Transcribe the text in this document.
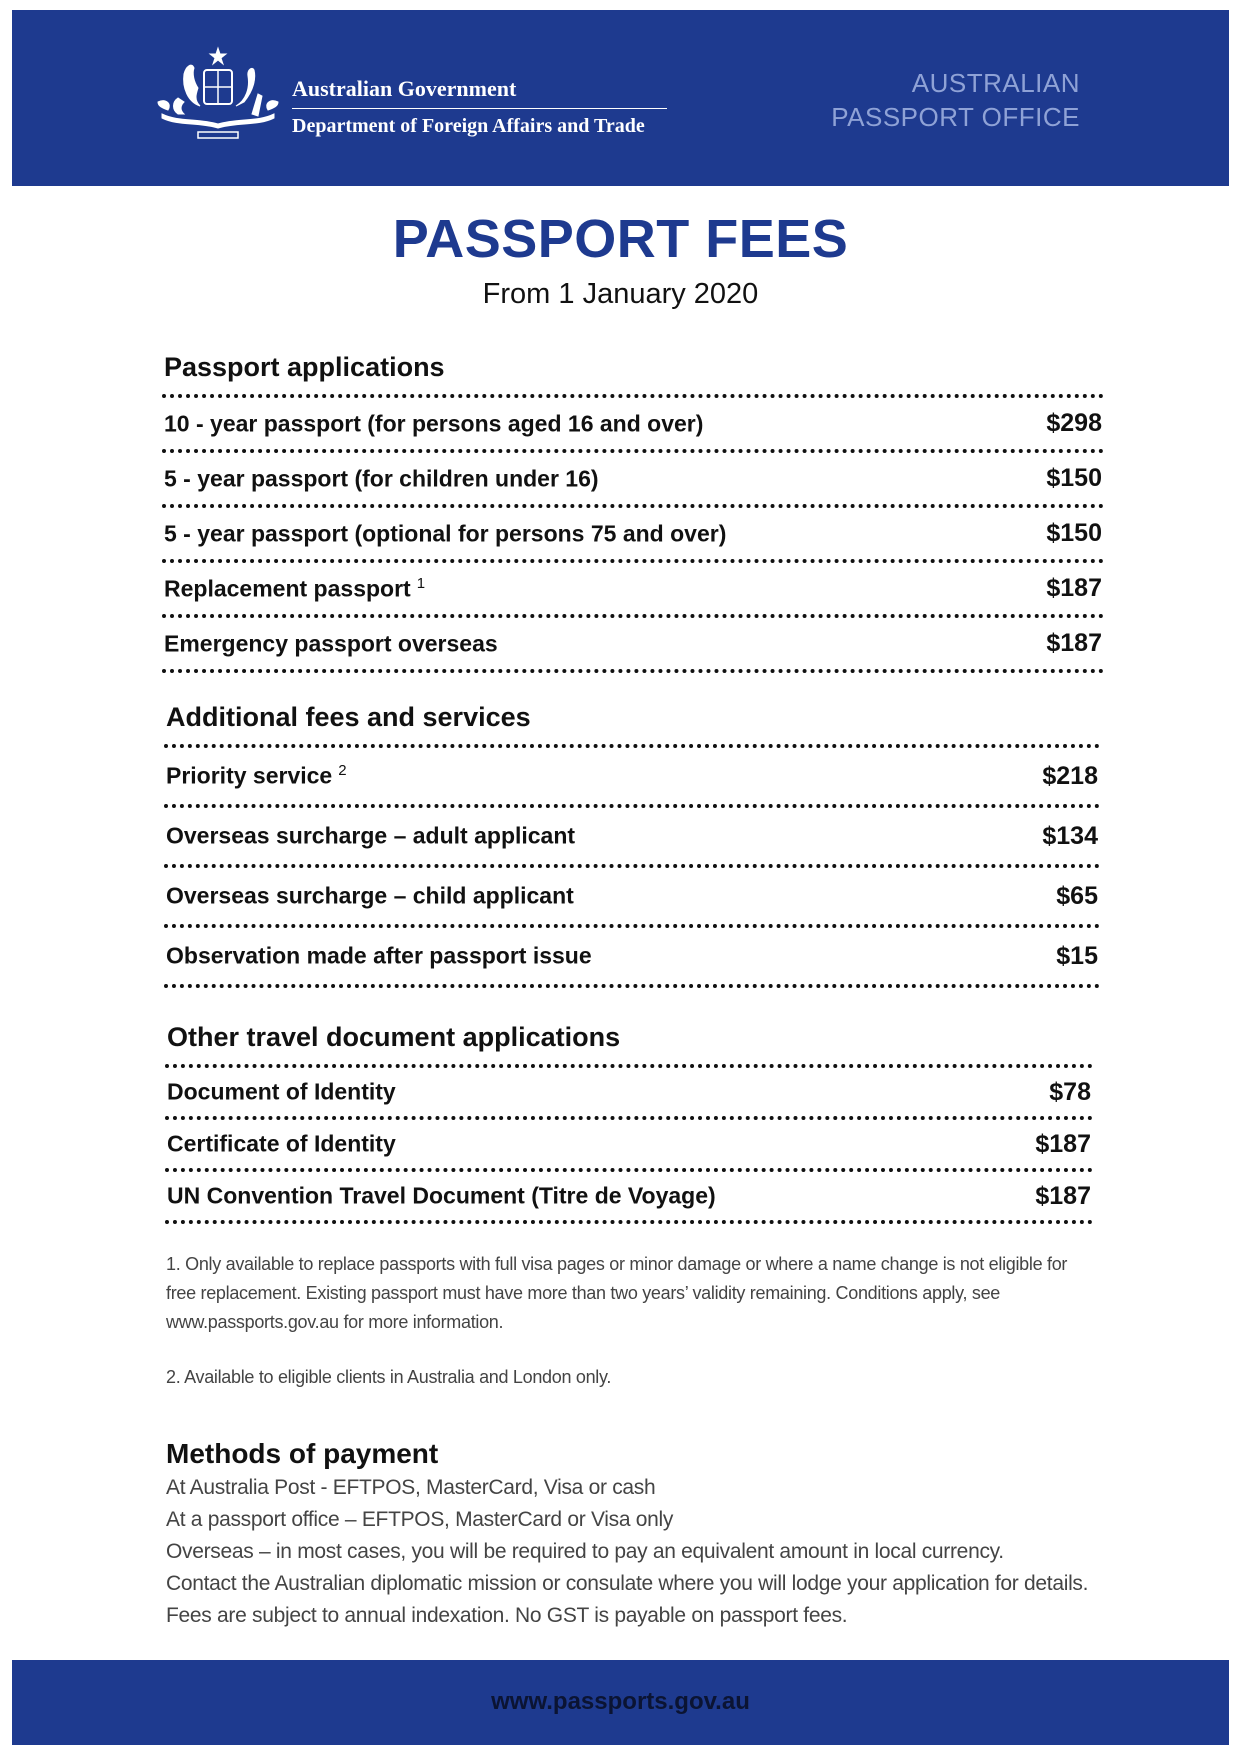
Australian Government
Department of Foreign Affairs and Trade
AUSTRALIAN
PASSPORT OFFICE
PASSPORT FEES
From 1 January 2020
Passport applications
10 - year passport (for persons aged 16 and over)	$298
5 - year passport (for children under 16)	$150
5 - year passport (optional for persons 75 and over)	$150
Replacement passport $^1$	$187
Emergency passport overseas	$187
Additional fees and services
Priority service $^2$	$218
Overseas surcharge – adult applicant	$134
Overseas surcharge – child applicant	$65
Observation made after passport issue	$15
Other travel document applications
Document of Identity	$78
Certificate of Identity	$187
UN Convention Travel Document (Titre de Voyage)	$187

1. Only available to replace passports with full visa pages or minor damage or where a name change is not eligible for free replacement. Existing passport must have more than two years’ validity remaining. Conditions apply, see www.passports.gov.au for more information.

2. Available to eligible clients in Australia and London only.

Methods of payment
At Australia Post - EFTPOS, MasterCard, Visa or cash
At a passport office – EFTPOS, MasterCard or Visa only
Overseas – in most cases, you will be required to pay an equivalent amount in local currency.
Contact the Australian diplomatic mission or consulate where you will lodge your application for details.
Fees are subject to annual indexation. No GST is payable on passport fees.
www.passports.gov.au
